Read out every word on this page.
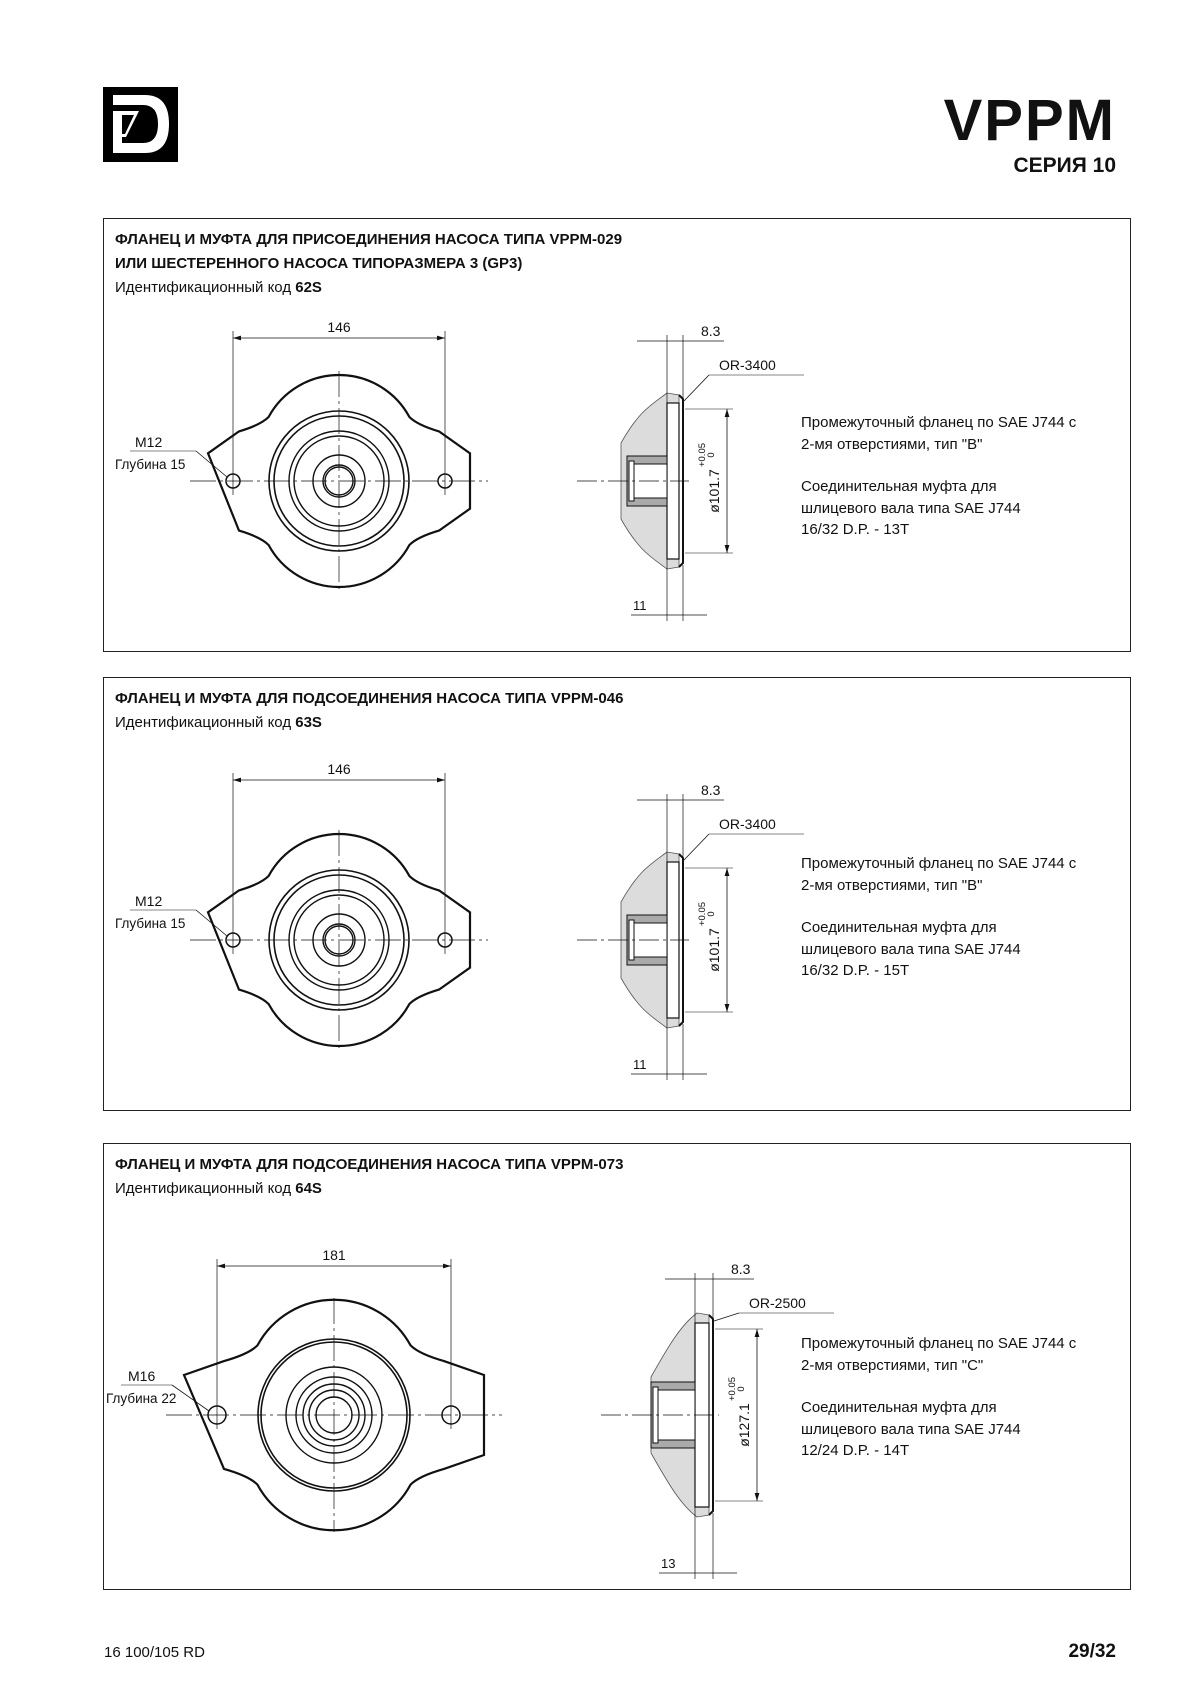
VPPM
СЕРИЯ 10
ФЛАНЕЦ И МУФТА ДЛЯ ПРИСОЕДИНЕНИЯ НАСОСА ТИПА VPPM-029
ИЛИ ШЕСТЕРЕННОГО НАСОСА ТИПОРАЗМЕРА 3 (GP3)
Идентификационный код 62S
146
M12
Глубина 15
8.3
OR-3400
ø101.7
+0.05
0
11
Промежуточный фланец по SAE J744 с
2-мя отверстиями, тип "B"
Соединительная муфта для
шлицевого вала типа SAE J744
16/32 D.P. - 13T
ФЛАНЕЦ И МУФТА ДЛЯ ПОДСОЕДИНЕНИЯ НАСОСА ТИПА VPPM-046
Идентификационный код 63S
146
M12
Глубина 15
8.3
OR-3400
ø101.7
+0.05
0
11
Промежуточный фланец по SAE J744 с
2-мя отверстиями, тип "B"
Соединительная муфта для
шлицевого вала типа SAE J744
16/32 D.P. - 15T
ФЛАНЕЦ И МУФТА ДЛЯ ПОДСОЕДИНЕНИЯ НАСОСА ТИПА VPPM-073
Идентификационный код 64S
181
M16
Глубина 22
8.3
OR-2500
ø127.1
+0.05
0
13
Промежуточный фланец по SAE J744 с
2-мя отверстиями, тип "C"
Соединительная муфта для
шлицевого вала типа SAE J744
12/24 D.P. - 14T
16 100/105 RD	29/32
